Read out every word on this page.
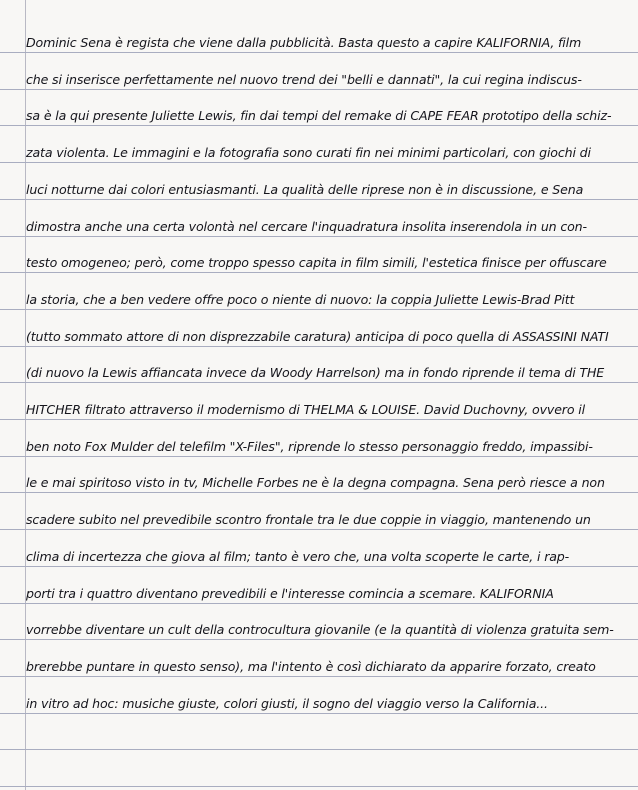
Dominic Sena è regista che viene dalla pubblicità. Basta questo a capire KALIFORNIA, film
che si inserisce perfettamente nel nuovo trend dei "belli e dannati", la cui regina indiscus-
sa è la qui presente Juliette Lewis, fin dai tempi del remake di CAPE FEAR prototipo della schiz-
zata violenta. Le immagini e la fotografia sono curati fin nei minimi particolari, con giochi di
luci notturne dai colori entusiasmanti. La qualità delle riprese non è in discussione, e Sena
dimostra anche una certa volontà nel cercare l'inquadratura insolita inserendola in un con-
testo omogeneo; però, come troppo spesso capita in film simili, l'estetica finisce per offuscare
la storia, che a ben vedere offre poco o niente di nuovo: la coppia Juliette Lewis-Brad Pitt
(tutto sommato attore di non disprezzabile caratura) anticipa di poco quella di ASSASSINI NATI
(di nuovo la Lewis affiancata invece da Woody Harrelson) ma in fondo riprende il tema di THE
HITCHER filtrato attraverso il modernismo di THELMA & LOUISE. David Duchovny, ovvero il
ben noto Fox Mulder del telefilm "X-Files", riprende lo stesso personaggio freddo, impassibi-
le e mai spiritoso visto in tv, Michelle Forbes ne è la degna compagna. Sena però riesce a non
scadere subito nel prevedibile scontro frontale tra le due coppie in viaggio, mantenendo un
clima di incertezza che giova al film; tanto è vero che, una volta scoperte le carte, i rap-
porti tra i quattro diventano prevedibili e l'interesse comincia a scemare. KALIFORNIA
vorrebbe diventare un cult della controcultura giovanile (e la quantità di violenza gratuita sem-
brerebbe puntare in questo senso), ma l'intento è così dichiarato da apparire forzato, creato
in vitro ad hoc: musiche giuste, colori giusti, il sogno del viaggio verso la California...
